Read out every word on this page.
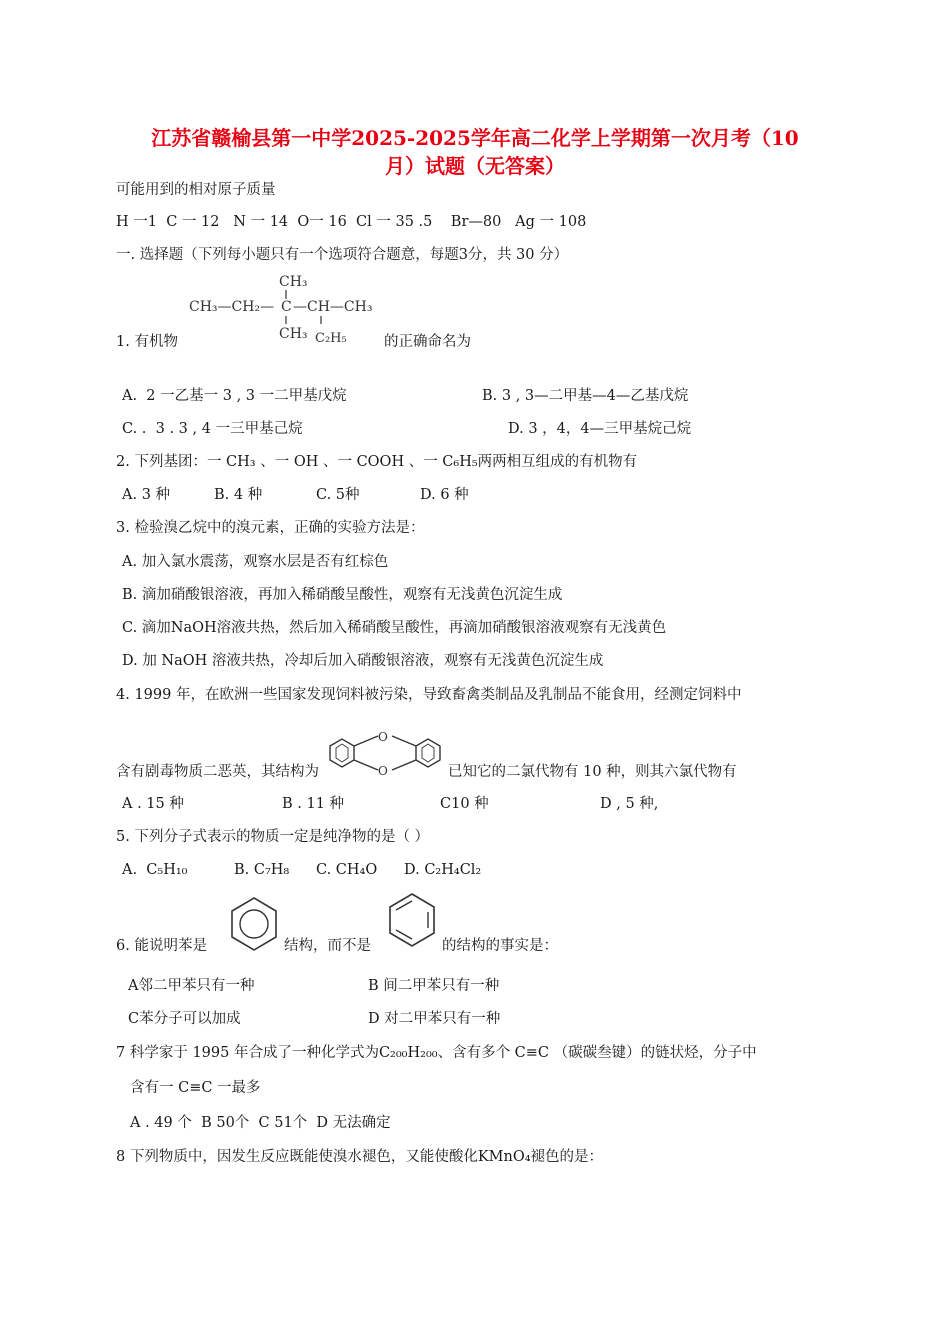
江苏省赣榆县第一中学2025-2025学年高二化学上学期第一次月考（10
月）试题（无答案）
可能用到的相对原子质量
H 一1  C 一 12   N 一 14  O一 16  Cl 一 35 .5    Br—80   Ag 一 108
一. 选择题（下列每小题只有一个选项符合题意，每题3分，共 30 分）
CH₃
CH₃—CH₂— C —CH—CH₃
CH₃ C₂H₅
1. 有机物	的正确命名为
A.  2 一乙基一 3 , 3 一二甲基戊烷	B. 3 , 3—二甲基—4—乙基戊烷
C. .  3 . 3 , 4 一三甲基己烷	D. 3 ，4，4—三甲基烷己烷
2. 下列基团：一 CH₃ 、一 OH 、一 COOH 、一 C₆H₅两两相互组成的有机物有
A. 3 种	B. 4 种	C. 5种	D. 6 种
3. 检验溴乙烷中的溴元素，正确的实验方法是：
A. 加入氯水震荡，观察水层是否有红棕色
B. 滴加硝酸银溶液，再加入稀硝酸呈酸性，观察有无浅黄色沉淀生成
C. 滴加NaOH溶液共热，然后加入稀硝酸呈酸性，再滴加硝酸银溶液观察有无浅黄色
D. 加 NaOH 溶液共热，冷却后加入硝酸银溶液，观察有无浅黄色沉淀生成
4. 1999 年，在欧洲一些国家发现饲料被污染，导致畜禽类制品及乳制品不能食用，经测定饲料中
O
O
含有剧毒物质二恶英，其结构为	已知它的二氯代物有 10 种，则其六氯代物有
A . 15 种	B . 11 种	C10 种	D , 5 种,
5. 下列分子式表示的物质一定是纯净物的是（ ）
A.  C₅H₁₀	B. C₇H₈ C. CH₄O D. C₂H₄Cl₂
6. 能说明苯是	结构，而不是	的结构的事实是：
A邻二甲苯只有一种	B 间二甲苯只有一种
C苯分子可以加成	D 对二甲苯只有一种
7 科学家于 1995 年合成了一种化学式为C₂₀₀H₂₀₀、含有多个 C≡C （碳碳叁键）的链状烃，分子中
含有一 C≡C 一最多
A . 49 个  B 50个  C 51个  D 无法确定
8 下列物质中，因发生反应既能使溴水褪色，又能使酸化KMnO₄褪色的是：
